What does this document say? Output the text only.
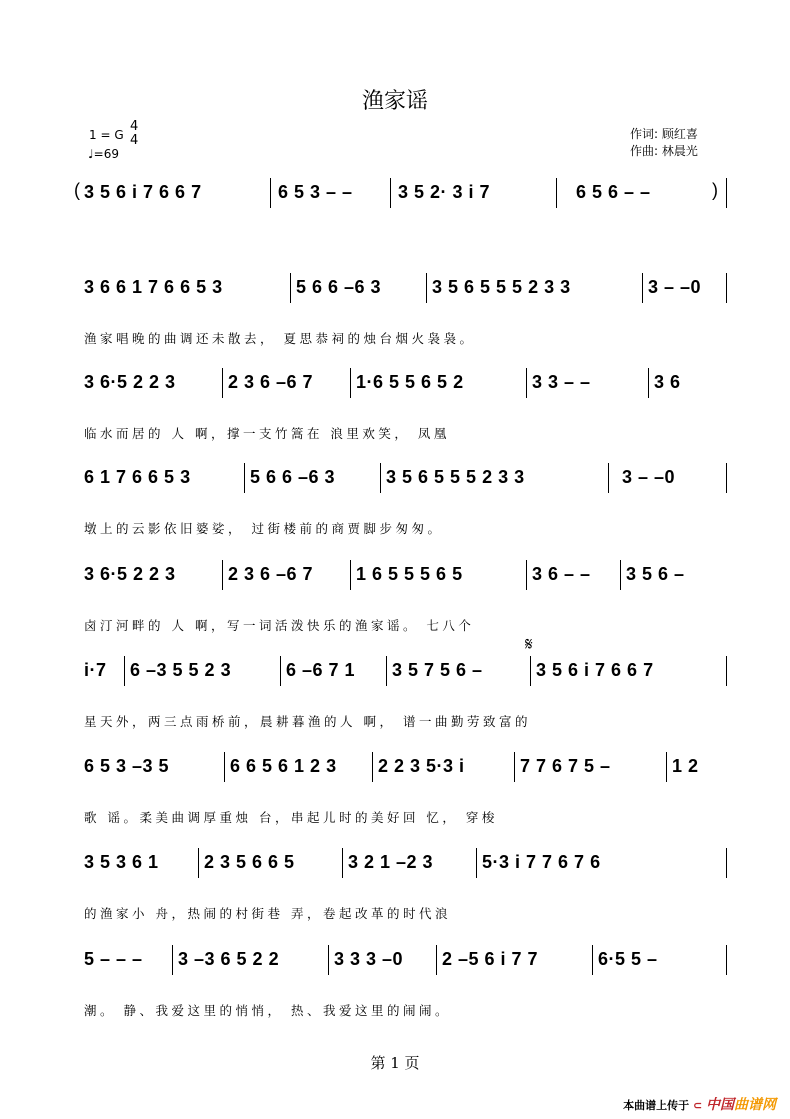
渔家谣
1 = G
4
4
♩=69
作词: 顾红喜
作曲: 林晨光
( 3 5 6 i 7 6 6 7	6 5 3 – –	3 5 2· 3 i 7	6 5 6 – –	)
3 6 6 1 7 6 6 5 3	5 6 6 –6 3	3 5 6 5 5 5 2 3 3	3 – –0
渔家唱晚的曲调还未散去， 夏思恭祠的烛台烟火袅袅。
3 6·5 2 2 3	2 3 6 –6 7 1·6 5 5 6 5 2	3 3 – –	3 6
临水而居的 人 啊，撑一支竹篙在 浪里欢笑， 凤凰
6 1 7 6 6 5 3	5 6 6 –6 3	3 5 6 5 5 5 2 3 3	3 – –0
墩上的云影依旧婆娑， 过街楼前的商贾脚步匆匆。
3 6·5 2 2 3	2 3 6 –6 7 1 6 5 5 5 6 5	3 6 – – 3 5 6 –
卤汀河畔的 人 啊，写一词活泼快乐的渔家谣。 七八个
𝄋
i·7 6 –3 5 5 2 3	6 –6 7 1 3 5 7 5 6 –	3 5 6 i 7 6 6 7
星天外，两三点雨桥前，晨耕暮渔的人 啊， 谱一曲勤劳致富的
6 5 3 –3 5	6 6 5 6 1 2 3 2 2 3 5·3 i	7 7 6 7 5 –	1 2
歌 谣。柔美曲调厚重烛 台，串起儿时的美好回 忆， 穿梭
3 5 3 6 1	2 3 5 6 6 5	3 2 1 –2 3	5·3 i 7 7 6 7 6
的渔家小 舟，热闹的村街巷 弄，卷起改革的时代浪
5 – – – 3 –3 6 5 2 2	3 3 3 –0 2 –5 6 i 7 7	6·5 5 –
潮。 静、我爱这里的悄悄， 热、我爱这里的闹闹。
第 1 页
本曲谱上传于 ⊂ 中国曲谱网
